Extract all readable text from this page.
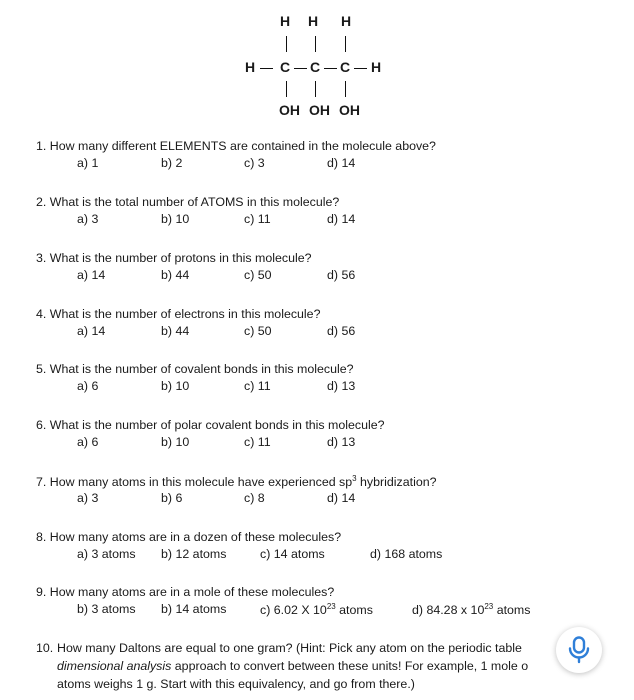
H H H
H C C C H
OH OH OH
1. How many different ELEMENTS are contained in the molecule above?
a) 1	b) 2	c) 3	d) 14
2. What is the total number of ATOMS in this molecule?
a) 3	b) 10	c) 11	d) 14
3. What is the number of protons in this molecule?
a) 14	b) 44	c) 50	d) 56
4. What is the number of electrons in this molecule?
a) 14	b) 44	c) 50	d) 56
5. What is the number of covalent bonds in this molecule?
a) 6	b) 10	c) 11	d) 13
6. What is the number of polar covalent bonds in this molecule?
a) 6	b) 10	c) 11	d) 13
7. How many atoms in this molecule have experienced $sp^3$ hybridization?
a) 3	b) 6	c) 8	d) 14
8. How many atoms are in a dozen of these molecules?
a) 3 atoms b) 12 atoms	c) 14 atoms	d) 168 atoms
9. How many atoms are in a mole of these molecules?
b) 3 atoms b) 14 atoms	c) 6.02 X $10^{23}$ atoms	d) 84.28 x $10^{23}$ atoms
10. How many Daltons are equal to one gram? (Hint: Pick any atom on the periodic table
dimensional analysis approach to convert between these units! For example, 1 mole o
atoms weighs 1 g. Start with this equivalency, and go from there.)
